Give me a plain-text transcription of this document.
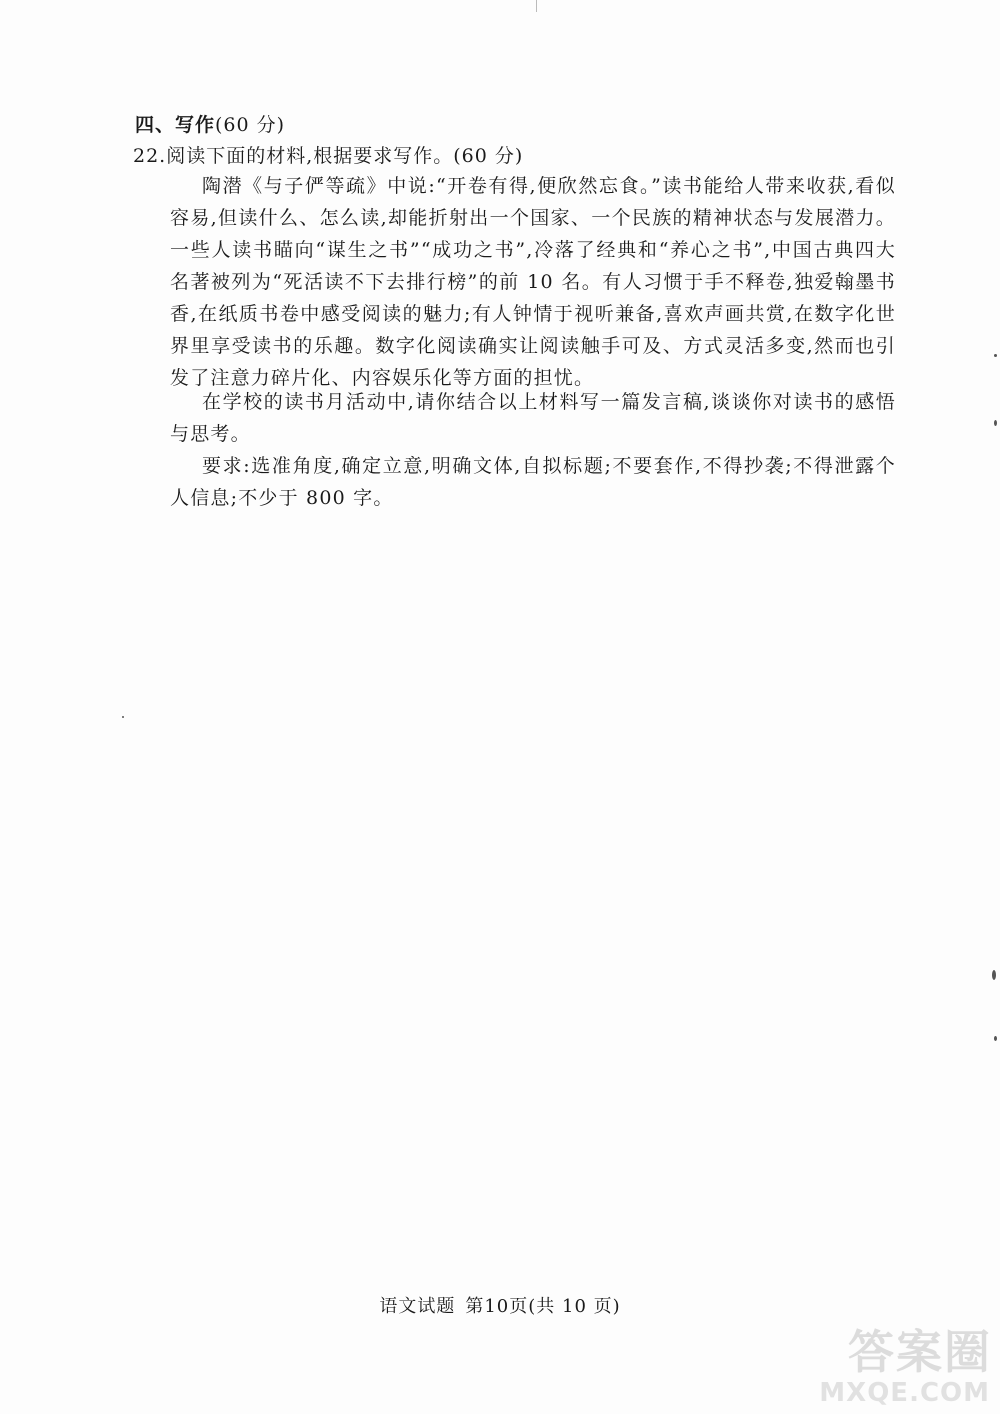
四、写作(60 分)
22.阅读下面的材料,根据要求写作。(60 分)

陶潜《与子俨等疏》中说:“开卷有得,便欣然忘食。”读书能给人带来收获,看似容易,但读什么、怎么读,却能折射出一个国家、一个民族的精神状态与发展潜力。一些人读书瞄向“谋生之书”“成功之书”,冷落了经典和“养心之书”,中国古典四大名著被列为“死活读不下去排行榜”的前 10 名。有人习惯于手不释卷,独爱翰墨书香,在纸质书卷中感受阅读的魅力;有人钟情于视听兼备,喜欢声画共赏,在数字化世界里享受读书的乐趣。数字化阅读确实让阅读触手可及、方式灵活多变,然而也引发了注意力碎片化、内容娱乐化等方面的担忧。

在学校的读书月活动中,请你结合以上材料写一篇发言稿,谈谈你对读书的感悟与思考。

要求:选准角度,确定立意,明确文体,自拟标题;不要套作,不得抄袭;不得泄露个人信息;不少于 800 字。

语文试题 第10页(共 10 页)
答案圈
MXQE.COM
